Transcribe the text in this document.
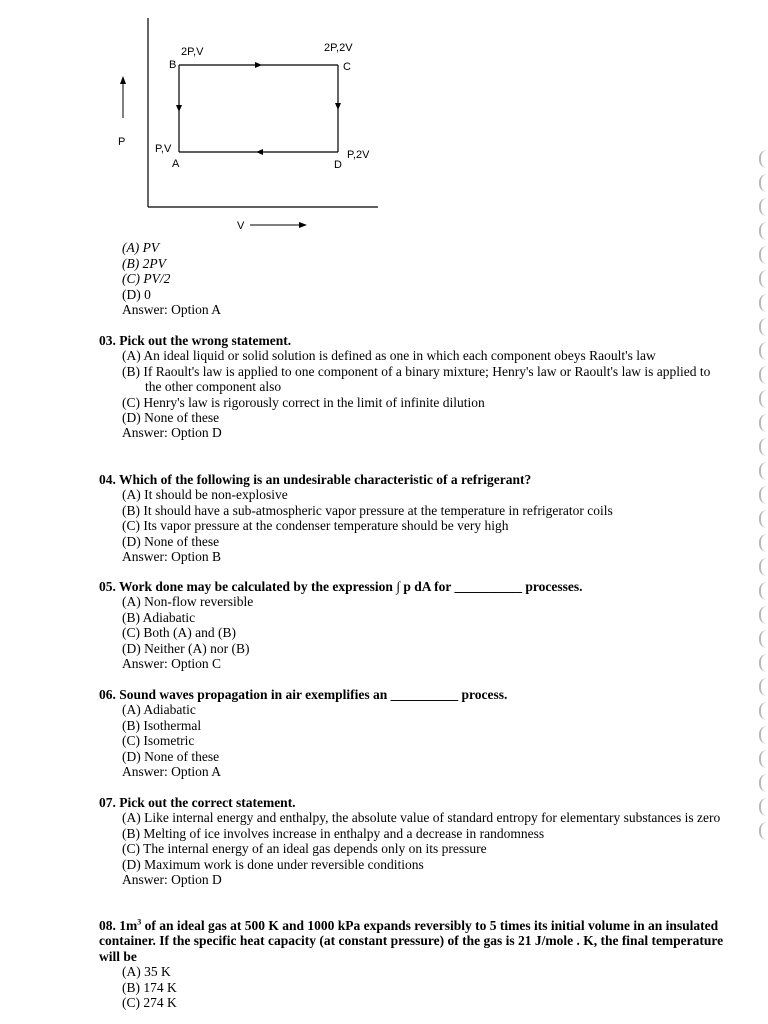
2P,V	2P,2V
P,V	P,2V
B	C
A	D
P
V
(A) PV
(B) 2PV
(C) PV/2
(D) 0
Answer: Option A
03. Pick out the wrong statement.
(A) An ideal liquid or solid solution is defined as one in which each component obeys Raoult's law
(B) If Raoult's law is applied to one component of a binary mixture; Henry's law or Raoult's law is applied to the other component also
(C) Henry's law is rigorously correct in the limit of infinite dilution
(D) None of these
Answer: Option D
04. Which of the following is an undesirable characteristic of a refrigerant?
(A) It should be non-explosive
(B) It should have a sub-atmospheric vapor pressure at the temperature in refrigerator coils
(C) Its vapor pressure at the condenser temperature should be very high
(D) None of these
Answer: Option B
05. Work done may be calculated by the expression ∫ p dA for __________ processes.
(A) Non-flow reversible
(B) Adiabatic
(C) Both (A) and (B)
(D) Neither (A) nor (B)
Answer: Option C
06. Sound waves propagation in air exemplifies an __________ process.
(A) Adiabatic
(B) Isothermal
(C) Isometric
(D) None of these
Answer: Option A
07. Pick out the correct statement.
(A) Like internal energy and enthalpy, the absolute value of standard entropy for elementary substances is zero
(B) Melting of ice involves increase in enthalpy and a decrease in randomness
(C) The internal energy of an ideal gas depends only on its pressure
(D) Maximum work is done under reversible conditions
Answer: Option D
08. $1m^3$ of an ideal gas at 500 K and 1000 kPa expands reversibly to 5 times its initial volume in an insulated container. If the specific heat capacity (at constant pressure) of the gas is 21 J/mole . K, the final temperature will be
(A) 35 K
(B) 174 K
(C) 274 K
